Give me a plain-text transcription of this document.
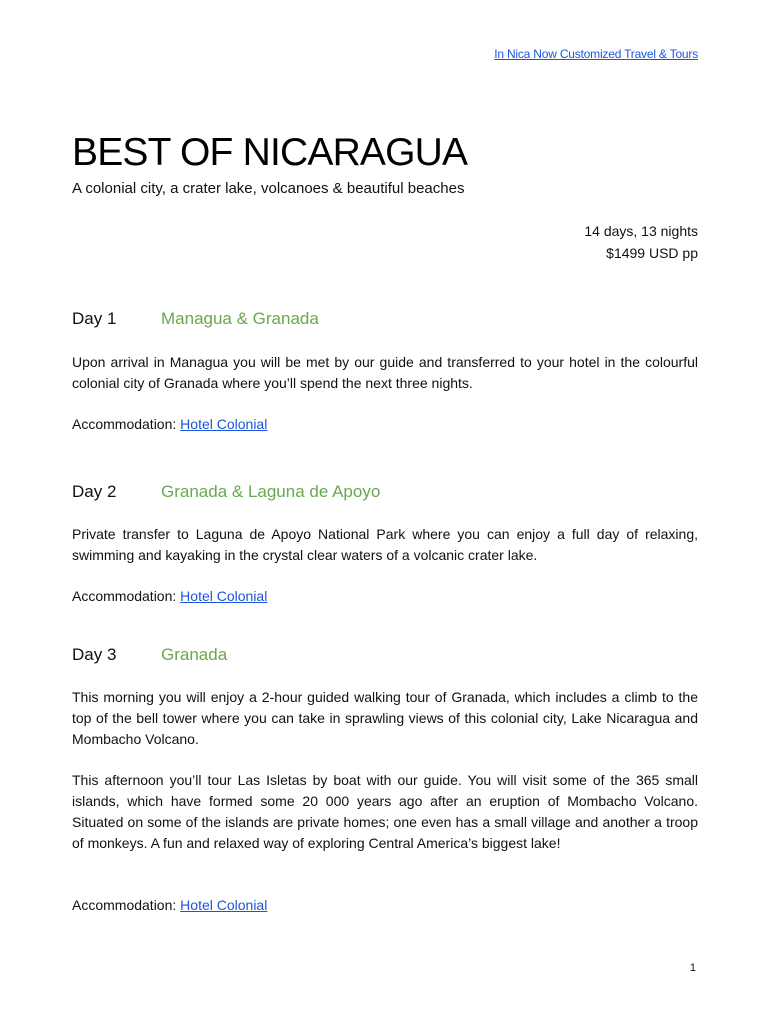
In Nica Now Customized Travel & Tours
BEST OF NICARAGUA
A colonial city, a crater lake, volcanoes & beautiful beaches
14 days, 13 nights
$1499 USD pp
Day 1	Managua & Granada

Upon arrival in Managua you will be met by our guide and transferred to your hotel in the colourful colonial city of Granada where you’ll spend the next three nights.

Accommodation: Hotel Colonial
Day 2	Granada & Laguna de Apoyo

Private transfer to Laguna de Apoyo National Park where you can enjoy a full day of relaxing, swimming and kayaking in the crystal clear waters of a volcanic crater lake.

Accommodation: Hotel Colonial
Day 3	Granada

This morning you will enjoy a 2-hour guided walking tour of Granada, which includes a climb to the top of the bell tower where you can take in sprawling views of this colonial city, Lake Nicaragua and Mombacho Volcano.

This afternoon you’ll tour Las Isletas by boat with our guide. You will visit some of the 365 small islands, which have formed some 20 000 years ago after an eruption of Mombacho Volcano. Situated on some of the islands are private homes; one even has a small village and another a troop of monkeys. A fun and relaxed way of exploring Central America’s biggest lake!

Accommodation: Hotel Colonial
1
